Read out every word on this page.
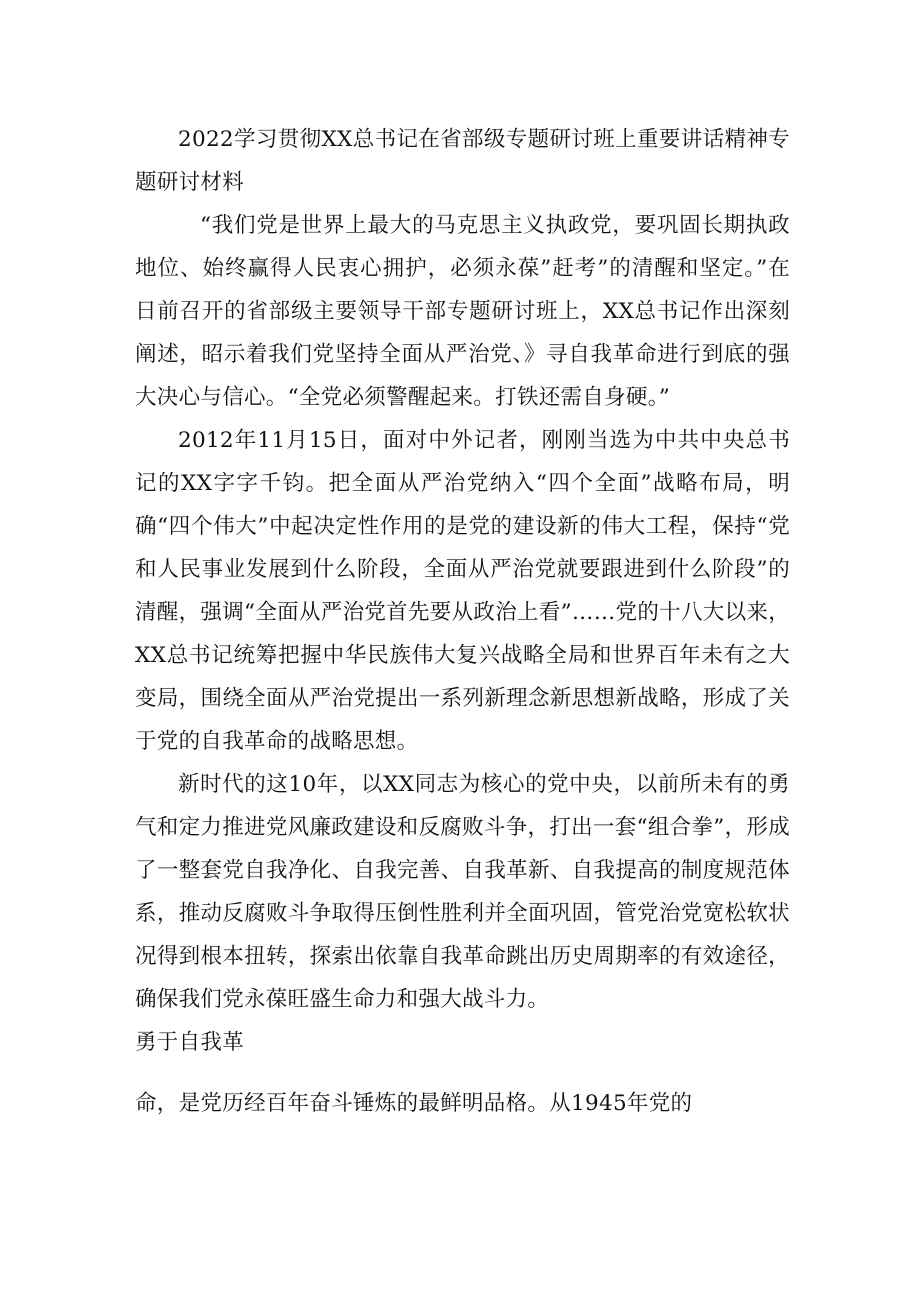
2022学习贯彻XX总书记在省部级专题研讨班上重要讲话精神专题研讨材料

“我们党是世界上最大的马克思主义执政党，要巩固长期执政地位、始终赢得人民衷心拥护，必须永葆”赶考”的清醒和坚定。”在日前召开的省部级主要领导干部专题研讨班上，XX总书记作出深刻阐述，昭示着我们党坚持全面从严治党、》寻自我革命进行到底的强大决心与信心。“全党必须警醒起来。打铁还需自身硬。”

2012年11月15日，面对中外记者，刚刚当选为中共中央总书记的XX字字千钧。把全面从严治党纳入“四个全面”战略布局，明确“四个伟大”中起决定性作用的是党的建设新的伟大工程，保持“党和人民事业发展到什么阶段，全面从严治党就要跟进到什么阶段”的清醒，强调“全面从严治党首先要从政治上看”……党的十八大以来，XX总书记统筹把握中华民族伟大复兴战略全局和世界百年未有之大变局，围绕全面从严治党提出一系列新理念新思想新战略，形成了关于党的自我革命的战略思想。

新时代的这10年，以XX同志为核心的党中央，以前所未有的勇气和定力推进党风廉政建设和反腐败斗争，打出一套“组合拳”，形成了一整套党自我净化、自我完善、自我革新、自我提高的制度规范体系，推动反腐败斗争取得压倒性胜利并全面巩固，管党治党宽松软状况得到根本扭转，探索出依靠自我革命跳出历史周期率的有效途径，确保我们党永葆旺盛生命力和强大战斗力。

勇于自我革

命，是党历经百年奋斗锤炼的最鲜明品格。从1945年党的
